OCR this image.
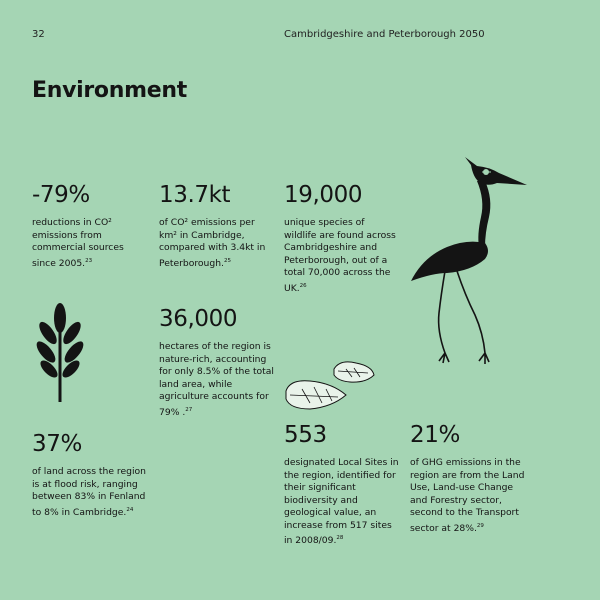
32	Cambridgeshire and Peterborough 2050
Environment
-79%
reductions in CO² emissions from commercial sources since 2005.23
13.7kt
of CO² emissions per km² in Cambridge, compared with 3.4kt in Peterborough.$^{25}$
19,000
unique species of wildlife are found across Cambridgeshire and Peterborough, out of a total 70,000 across the UK.$^{26}$
36,000
hectares of the region is nature-rich, accounting for only 8.5% of the total land area, while agriculture accounts for 79% .$^{27}$
37%
of land across the region is at flood risk, ranging between 83% in Fenland to 8% in Cambridge.$^{24}$
553
designated Local Sites in the region, identified for their significant biodiversity and geological value, an increase from 517 sites in 2008/09.28
21%
of GHG emissions in the region are from the Land Use, Land-use Change and Forestry sector, second to the Transport sector at 28%.$^{29}$
